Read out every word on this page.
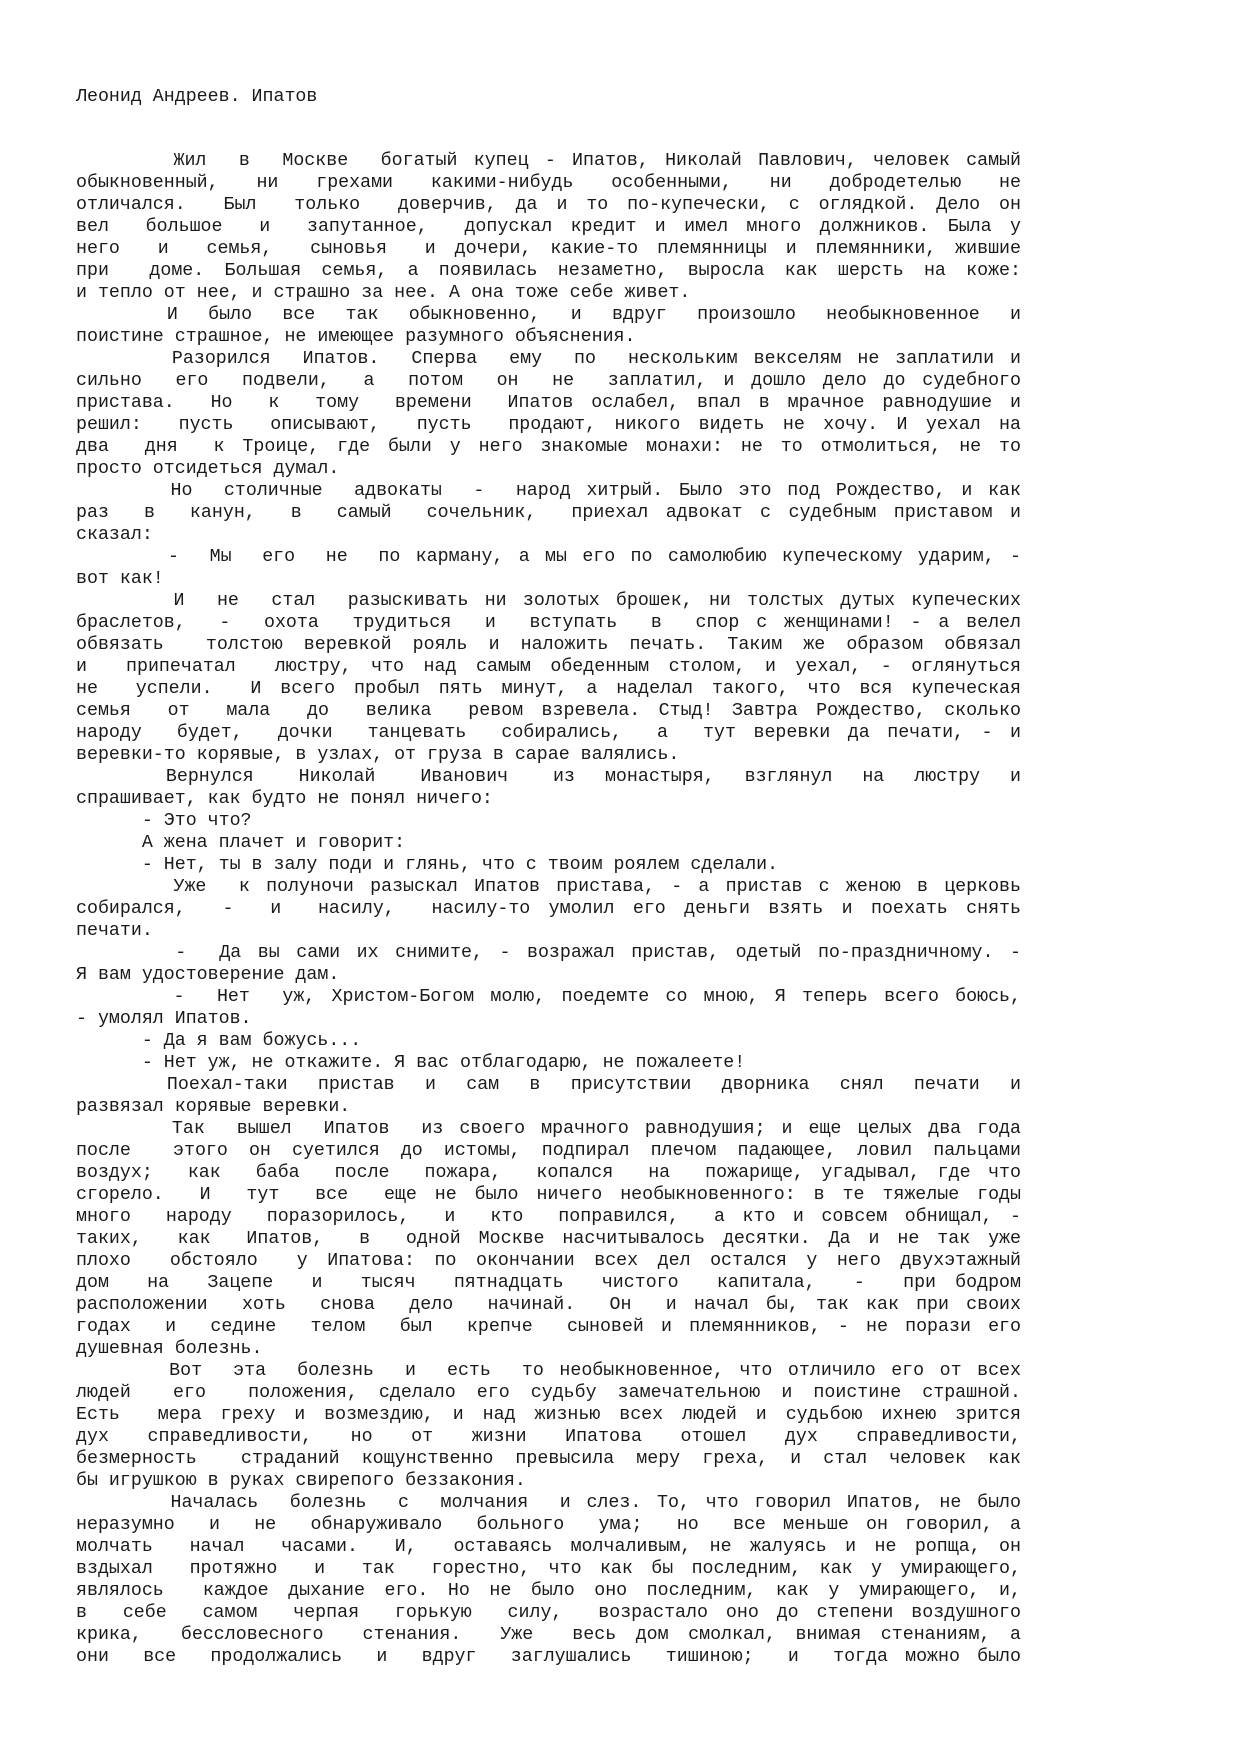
Леонид Андреев. Ипатов
Жил  в  Москве  богатый купец - Ипатов, Николай Павлович, человек самый
обыкновенный,  ни  грехами  какими-нибудь  особенными,  ни  добродетелью  не
отличался.  Был  только  доверчив, да и то по-купечески, с оглядкой. Дело он
вел  большое  и  запутанное,  допускал кредит и имел много должников. Была у
него  и  семья,  сыновья  и дочери, какие-то племянницы и племянники, жившие
при  доме. Большая семья, а появилась незаметно, выросла как шерсть на коже:
и тепло от нее, и страшно за нее. А она тоже себе живет.
И  было  все  так  обыкновенно,  и  вдруг  произошло  необыкновенное  и
поистине страшное, не имеющее разумного объяснения.
Разорился  Ипатов.  Сперва  ему  по  нескольким векселям не заплатили и
сильно  его  подвели,  а  потом  он  не  заплатил, и дошло дело до судебного
пристава.  Но  к  тому  времени  Ипатов ослабел, впал в мрачное равнодушие и
решил:  пусть  описывают,  пусть  продают, никого видеть не хочу. И уехал на
два  дня  к Троице, где были у него знакомые монахи: не то отмолиться, не то
просто отсидеться думал.
Но  столичные  адвокаты  -  народ хитрый. Было это под Рождество, и как
раз  в  канун,  в  самый  сочельник,  приехал адвокат с судебным приставом и
сказал:
-  Мы  его  не  по карману, а мы его по самолюбию купеческому ударим, -
вот как!
И  не  стал  разыскивать ни золотых брошек, ни толстых дутых купеческих
браслетов,  -  охота  трудиться  и  вступать  в  спор с женщинами! - а велел
обвязать  толстою веревкой рояль и наложить печать. Таким же образом обвязал
и  припечатал  люстру, что над самым обеденным столом, и уехал, - оглянуться
не  успели.  И всего пробыл пять минут, а наделал такого, что вся купеческая
семья  от  мала  до  велика  ревом взревела. Стыд! Завтра Рождество, сколько
народу  будет,  дочки  танцевать  собирались,  а  тут веревки да печати, - и
веревки-то корявые, в узлах, от груза в сарае валялись.
Вернулся   Николай   Иванович   из  монастыря,  взглянул  на  люстру  и
спрашивает, как будто не понял ничего:
- Это что?
А жена плачет и говорит:
- Нет, ты в залу поди и глянь, что с твоим роялем сделали.
Уже  к полуночи разыскал Ипатов пристава, - а пристав с женою в церковь
собирался,  -  и  насилу,  насилу-то умолил его деньги взять и поехать снять
печати.
-  Да вы сами их снимите, - возражал пристав, одетый по-праздничному. -
Я вам удостоверение дам.
-  Нет  уж, Христом-Богом молю, поедемте со мною, Я теперь всего боюсь,
- умолял Ипатов.
- Да я вам божусь...
- Нет уж, не откажите. Я вас отблагодарю, не пожалеете!
Поехал-таки  пристав  и  сам  в  присутствии  дворника  снял  печати  и
развязал корявые веревки.
Так  вышел  Ипатов  из своего мрачного равнодушия; и еще целых два года
после  этого он суетился до истомы, подпирал плечом падающее, ловил пальцами
воздух;  как  баба  после  пожара,  копался  на  пожарище, угадывал, где что
сгорело.  И  тут  все  еще не было ничего необыкновенного: в те тяжелые годы
много  народу  поразорилось,  и  кто  поправился,  а кто и совсем обнищал, -
таких,  как  Ипатов,  в  одной Москве насчитывалось десятки. Да и не так уже
плохо  обстояло  у Ипатова: по окончании всех дел остался у него двухэтажный
дом  на  Зацепе  и  тысяч  пятнадцать  чистого  капитала,  -  при бодром
расположении  хоть  снова  дело  начинай.  Он  и начал бы, так как при своих
годах  и  седине  телом  был  крепче  сыновей и племянников, - не порази его
душевная болезнь.
Вот  эта  болезнь  и  есть  то необыкновенное, что отличило его от всех
людей  его  положения, сделало его судьбу замечательною и поистине страшной.
Есть  мера греху и возмездию, и над жизнью всех людей и судьбою ихнею зрится
дух  справедливости,  но  от  жизни  Ипатова  отошел  дух  справедливости,
безмерность  страданий кощунственно превысила меру греха, и стал человек как
бы игрушкою в руках свирепого беззакония.
Началась  болезнь  с  молчания  и слез. То, что говорил Ипатов, не было
неразумно  и  не  обнаруживало  больного  ума;  но  все меньше он говорил, а
молчать  начал  часами.  И,  оставаясь молчаливым, не жалуясь и не ропща, он
вздыхал  протяжно  и  так  горестно, что как бы последним, как у умирающего,
являлось  каждое дыхание его. Но не было оно последним, как у умирающего, и,
в  себе  самом  черпая  горькую  силу,  возрастало оно до степени воздушного
крика,  бессловесного  стенания.  Уже  весь дом смолкал, внимая стенаниям, а
они  все  продолжались  и  вдруг  заглушались  тишиною;  и  тогда можно было
